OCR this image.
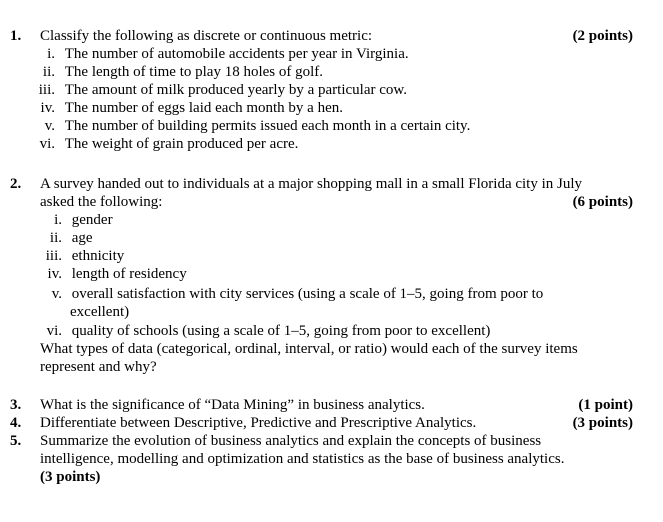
1. Classify the following as discrete or continuous metric:	(2 points)
i. The number of automobile accidents per year in Virginia.
ii. The length of time to play 18 holes of golf.
iii. The amount of milk produced yearly by a particular cow.
iv. The number of eggs laid each month by a hen.
v. The number of building permits issued each month in a certain city.
vi. The weight of grain produced per acre.
2. A survey handed out to individuals at a major shopping mall in a small Florida city in July
asked the following:	(6 points)
i. gender
ii. age
iii. ethnicity
iv. length of residency
v. overall satisfaction with city services (using a scale of 1–5, going from poor to
excellent)
vi. quality of schools (using a scale of 1–5, going from poor to excellent)
What types of data (categorical, ordinal, interval, or ratio) would each of the survey items
represent and why?
3. What is the significance of “Data Mining” in business analytics.	(1 point)
4. Differentiate between Descriptive, Predictive and Prescriptive Analytics.	(3 points)
5. Summarize the evolution of business analytics and explain the concepts of business
intelligence, modelling and optimization and statistics as the base of business analytics.
(3 points)
